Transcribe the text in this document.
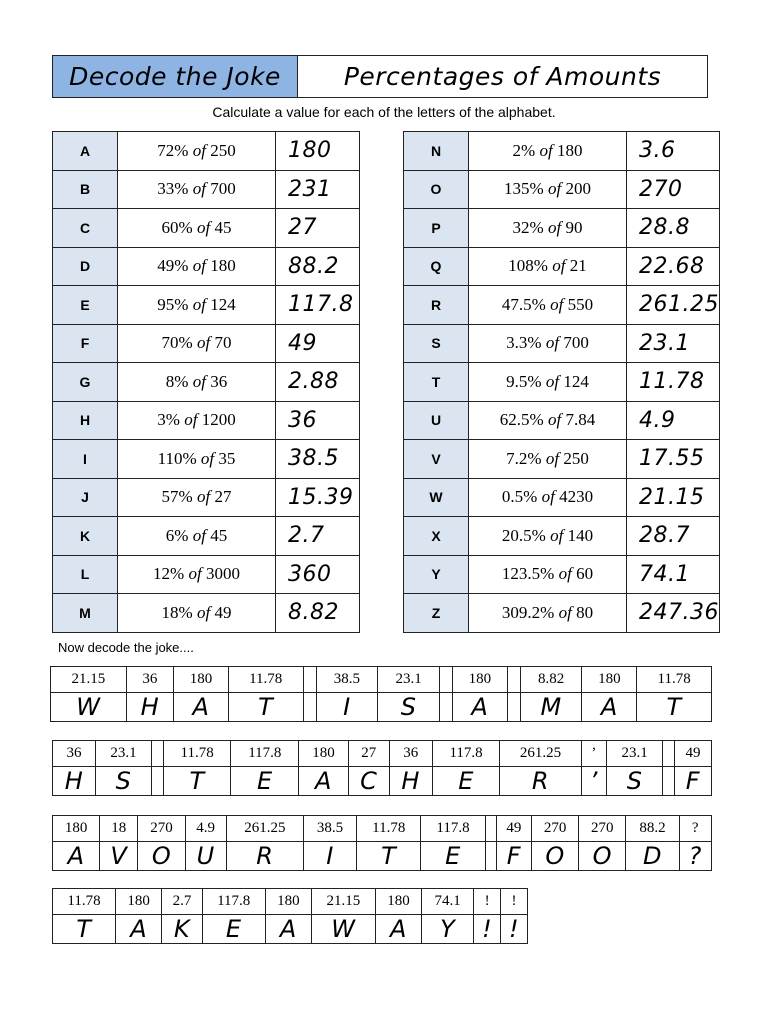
Decode the Joke	Percentages of Amounts
Calculate a value for each of the letters of the alphabet.
A	72% of 250	180
B	33% of 700	231
C	60% of 45	27
D	49% of 180	88.2
E	95% of 124	117.8
F	70% of 70	49
G	8% of 36	2.88
H	3% of 1200	36
I	110% of 35	38.5
J	57% of 27	15.39
K	6% of 45	2.7
L	12% of 3000	360
M	18% of 49	8.82
N	2% of 180	3.6
O	135% of 200	270
P	32% of 90	28.8
Q	108% of 21	22.68
R	47.5% of 550	261.25
S	3.3% of 700	23.1
T	9.5% of 124	11.78
U	62.5% of 7.84	4.9
V	7.2% of 250	17.55
W	0.5% of 4230	21.15
X	20.5% of 140	28.7
Y	123.5% of 60	74.1
Z	309.2% of 80	247.36
Now decode the joke....
21.15	36	180	11.78		38.5	23.1		180		8.82	180	11.78
W	H	A	T		I	S		A		M	A	T
36	23.1		11.78	117.8	180	27	36	117.8	261.25	’	23.1		49
H	S		T	E	A	C	H	E	R	’	S		F
180	18	270	4.9	261.25	38.5	11.78	117.8		49	270	270	88.2	?
A	V	O	U	R	I	T	E		F	O	O	D	?
11.78	180	2.7	117.8	180	21.15	180	74.1	!	!
T	A	K	E	A	W	A	Y	!	!
